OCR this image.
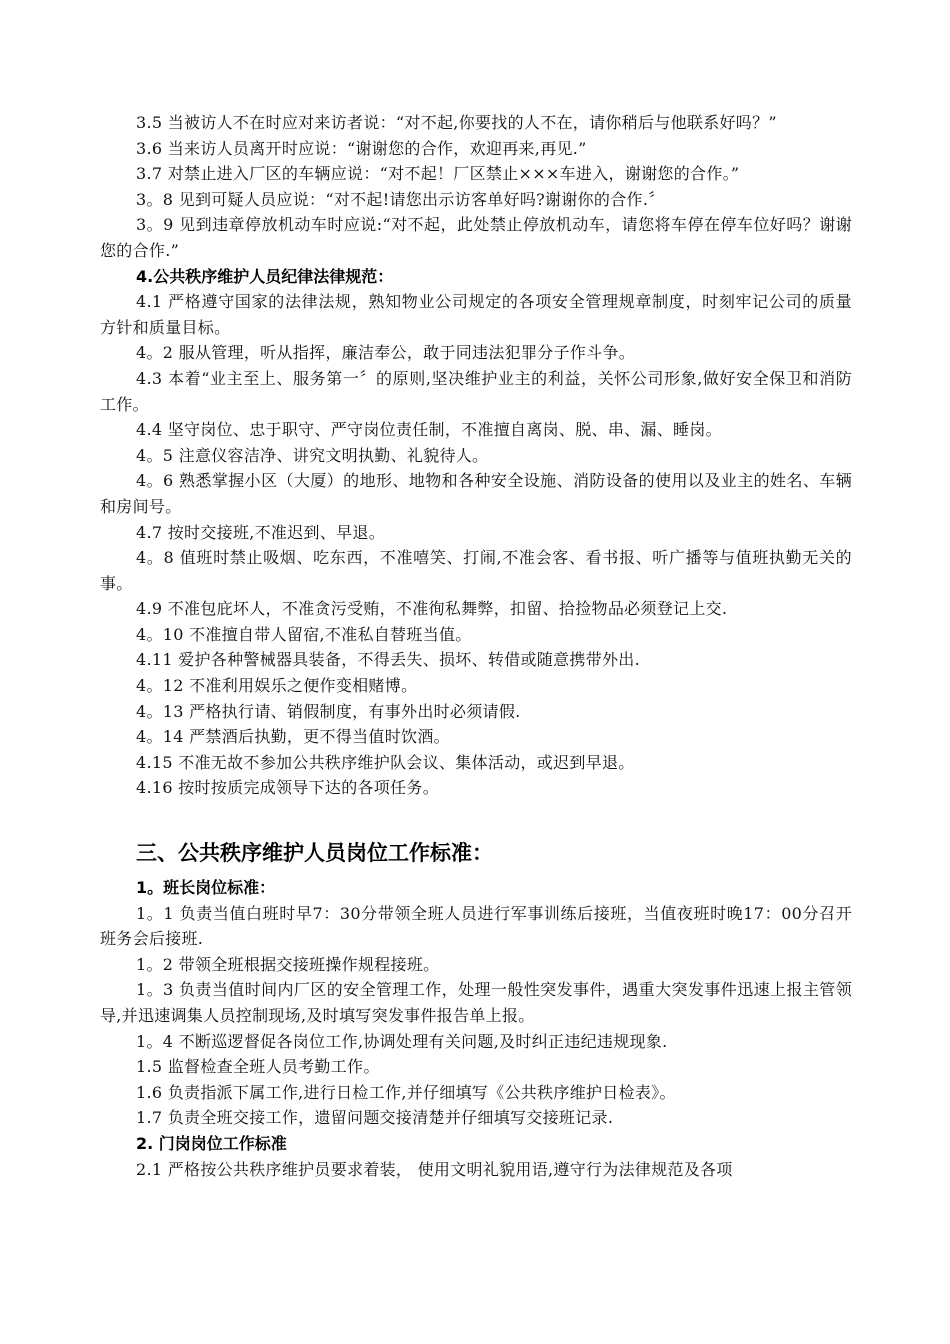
3.5 当被访人不在时应对来访者说：“对不起,你要找的人不在，请你稍后与他联系好吗？”

3.6 当来访人员离开时应说：“谢谢您的合作，欢迎再来,再见.”

3.7 对禁止进入厂区的车辆应说：“对不起！厂区禁止×××车进入，谢谢您的合作。”

3。8 见到可疑人员应说：“对不起!请您出示访客单好吗?谢谢你的合作.〞

3。9 见到违章停放机动车时应说:“对不起，此处禁止停放机动车，请您将车停在停车位好吗？谢谢您的合作.”

4.公共秩序维护人员纪律法律规范：

4.1 严格遵守国家的法律法规，熟知物业公司规定的各项安全管理规章制度，时刻牢记公司的质量方针和质量目标。

4。2 服从管理，听从指挥，廉洁奉公，敢于同违法犯罪分子作斗争。

4.3 本着“业主至上、服务第一〞的原则,坚决维护业主的利益，关怀公司形象,做好安全保卫和消防工作。

4.4 坚守岗位、忠于职守、严守岗位责任制，不准擅自离岗、脱、串、漏、睡岗。

4。5 注意仪容洁净、讲究文明执勤、礼貌待人。

4。6 熟悉掌握小区（大厦）的地形、地物和各种安全设施、消防设备的使用以及业主的姓名、车辆和房间号。

4.7 按时交接班,不准迟到、早退。

4。8 值班时禁止吸烟、吃东西，不准嘻笑、打闹,不准会客、看书报、听广播等与值班执勤无关的事。

4.9 不准包庇坏人，不准贪污受贿，不准徇私舞弊，扣留、拾捡物品必须登记上交.

4。10 不准擅自带人留宿,不准私自替班当值。

4.11 爱护各种警械器具装备，不得丢失、损坏、转借或随意携带外出.

4。12 不准利用娱乐之便作变相赌博。

4。13 严格执行请、销假制度，有事外出时必须请假.

4。14 严禁酒后执勤，更不得当值时饮酒。

4.15 不准无故不参加公共秩序维护队会议、集体活动，或迟到早退。

4.16 按时按质完成领导下达的各项任务。

三、公共秩序维护人员岗位工作标准：

1。班长岗位标准：

1。1 负责当值白班时早7：30分带领全班人员进行军事训练后接班，当值夜班时晚17：00分召开班务会后接班.

1。2 带领全班根据交接班操作规程接班。

1。3 负责当值时间内厂区的安全管理工作，处理一般性突发事件，遇重大突发事件迅速上报主管领导,并迅速调集人员控制现场,及时填写突发事件报告单上报。

1。4 不断巡逻督促各岗位工作,协调处理有关问题,及时纠正违纪违规现象.

1.5 监督检查全班人员考勤工作。

1.6 负责指派下属工作,进行日检工作,并仔细填写《公共秩序维护日检表》。

1.7 负责全班交接工作，遗留问题交接清楚并仔细填写交接班记录.

2. 门岗岗位工作标准

2.1 严格按公共秩序维护员要求着装， 使用文明礼貌用语,遵守行为法律规范及各项
